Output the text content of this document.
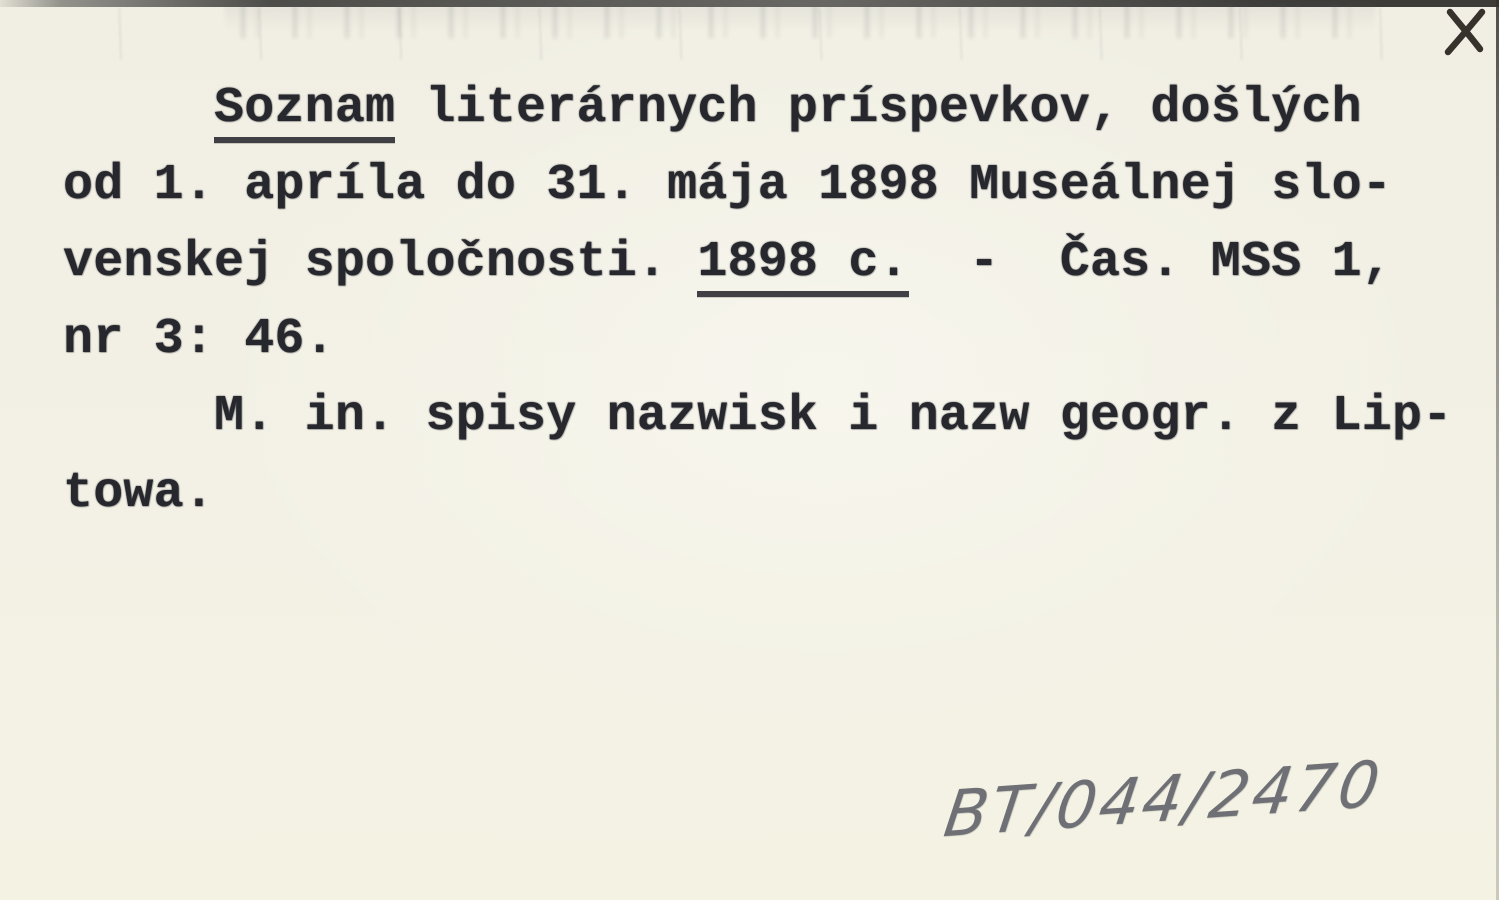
Soznam literárnych príspevkov, došlých
od 1. apríla do 31. mája 1898 Museálnej slo-
venskej spoločnosti. 1898 c.  -  Čas. MSS 1,
nr 3: 46.
M. in. spisy nazwisk i nazw geogr. z Lip-
towa.
BT/044/2470
